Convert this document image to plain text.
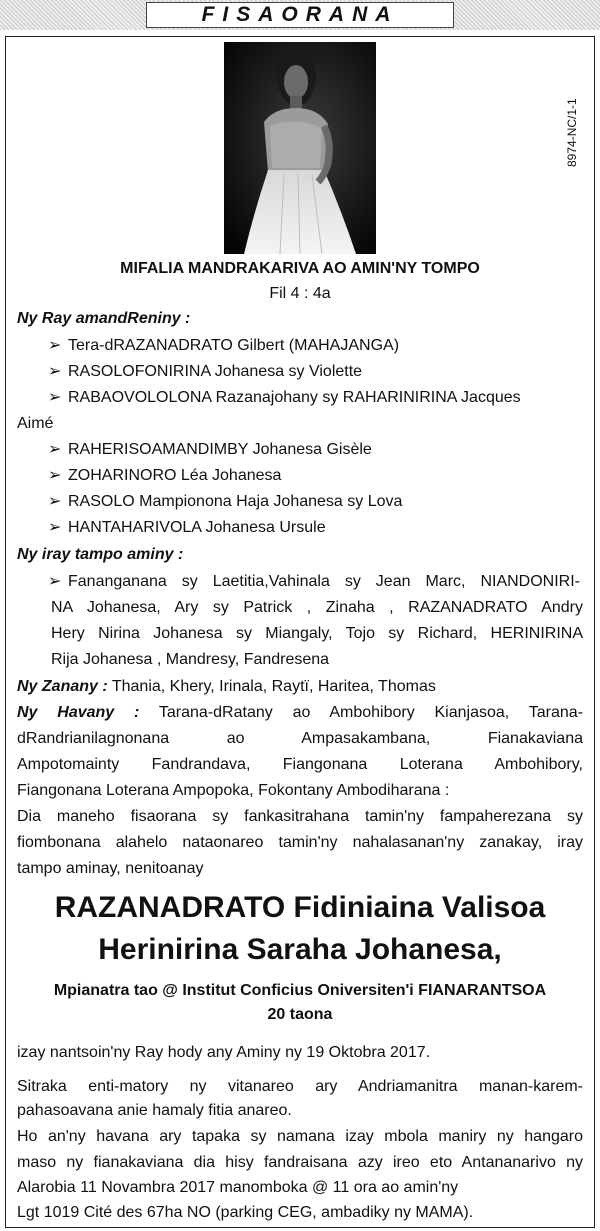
FISAORANA
8974-NC/1-1
MIFALIA MANDRAKARIVA AO AMIN'NY TOMPO
Fil 4 : 4a
Ny Ray amandReniny :
➢ Tera-dRAZANADRATO Gilbert (MAHAJANGA)
➢ RASOLOFONIRINA Johanesa sy Violette
➢ RABAOVOLOLONA Razanajohany sy RAHARINIRINA Jacques
Aimé
➢ RAHERISOAMANDIMBY Johanesa Gisèle
➢ ZOHARINORO Léa Johanesa
➢ RASOLO Mampionona Haja Johanesa sy Lova
➢ HANTAHARIVOLA Johanesa Ursule
Ny iray tampo aminy :
➢ Fananganana sy Laetitia,Vahinala sy Jean Marc, NIANDONIRI-
NA Johanesa, Ary sy Patrick , Zinaha , RAZANADRATO Andry
Hery Nirina Johanesa sy Miangaly, Tojo sy Richard, HERINIRINA
Rija Johanesa , Mandresy, Fandresena
Ny Zanany : Thania, Khery, Irinala, Raytï, Haritea, Thomas
Ny Havany : Tarana-dRatany ao Ambohibory Kianjasoa, Tarana-
dRandrianilagnonana ao Ampasakambana, Fianakaviana
Ampotomainty Fandrandava, Fiangonana Loterana Ambohibory,
Fiangonana Loterana Ampopoka, Fokontany Ambodiharana :
Dia maneho fisaorana sy fankasitrahana tamin'ny fampaherezana sy
fiombonana alahelo nataonareo tamin'ny nahalasanan'ny zanakay, iray
tampo aminay, nenitoanay
RAZANADRATO Fidiniaina Valisoa
Herinirina Saraha Johanesa,
Mpianatra tao @ Institut Conficius Oniversiten'i FIANARANTSOA
20 taona
izay nantsoin'ny Ray hody any Aminy ny 19 Oktobra 2017.
Sitraka enti-matory ny vitanareo ary Andriamanitra manan-karem-
pahasoavana anie hamaly fitia anareo.
Ho an'ny havana ary tapaka sy namana izay mbola maniry ny hangaro
maso ny fianakaviana dia hisy fandraisana azy ireo eto Antananarivo ny
Alarobia 11 Novambra 2017 manomboka @ 11 ora ao amin'ny
Lgt 1019 Cité des 67ha NO (parking CEG, ambadiky ny MAMA).
